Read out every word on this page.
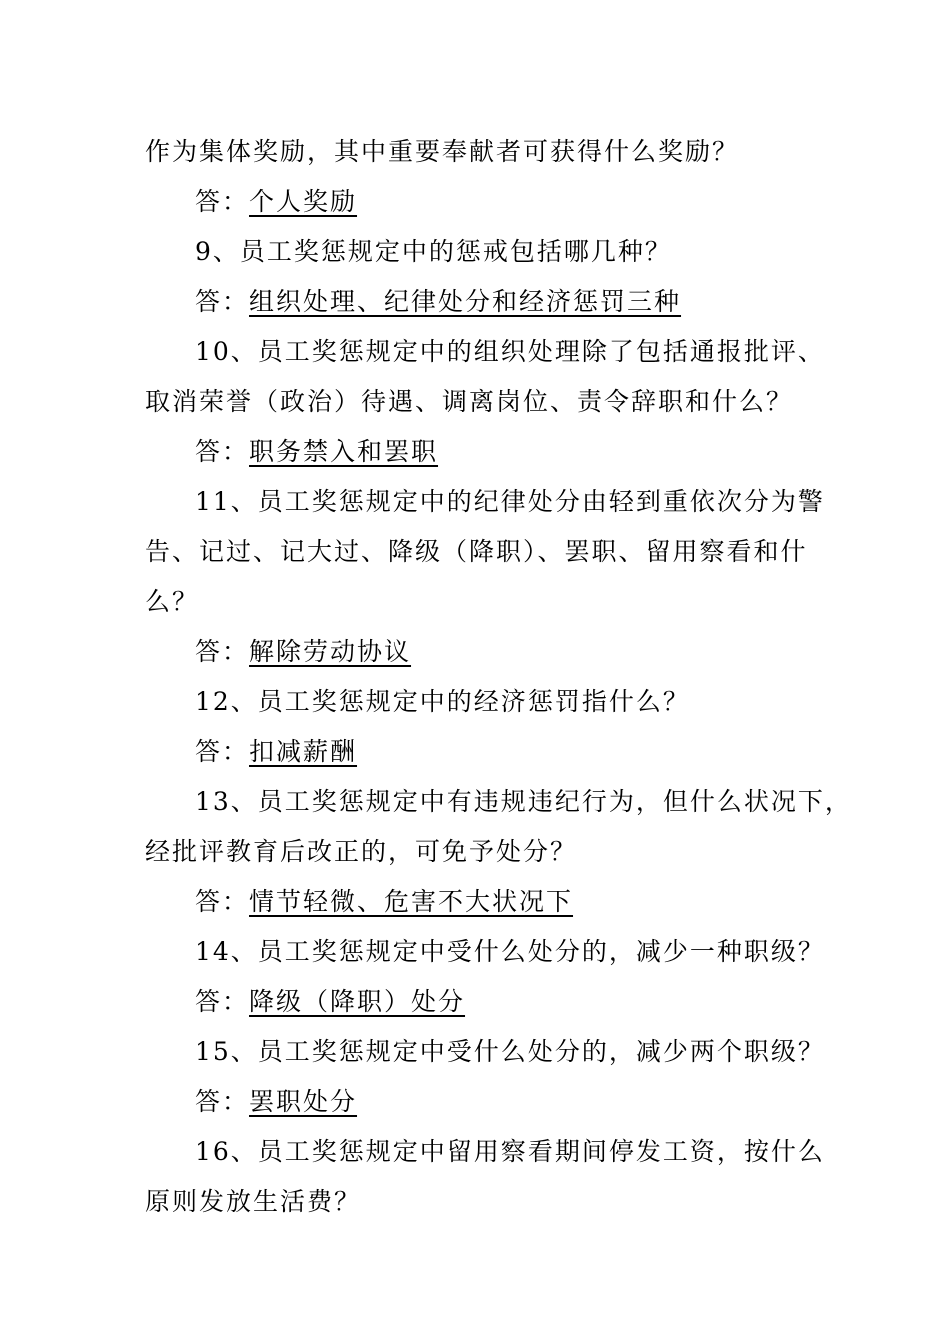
作为集体奖励，其中重要奉献者可获得什么奖励？
答：个人奖励
9、员工奖惩规定中的惩戒包括哪几种？
答：组织处理、纪律处分和经济惩罚三种
10、员工奖惩规定中的组织处理除了包括通报批评、
取消荣誉（政治）待遇、调离岗位、责令辞职和什么？
答：职务禁入和罢职
11、员工奖惩规定中的纪律处分由轻到重依次分为警
告、记过、记大过、降级（降职）、罢职、留用察看和什
么？
答：解除劳动协议
12、员工奖惩规定中的经济惩罚指什么？
答：扣减薪酬
13、员工奖惩规定中有违规违纪行为，但什么状况下，
经批评教育后改正的，可免予处分？
答：情节轻微、危害不大状况下
14、员工奖惩规定中受什么处分的，减少一种职级？
答：降级（降职）处分
15、员工奖惩规定中受什么处分的，减少两个职级？
答：罢职处分
16、员工奖惩规定中留用察看期间停发工资，按什么
原则发放生活费？
